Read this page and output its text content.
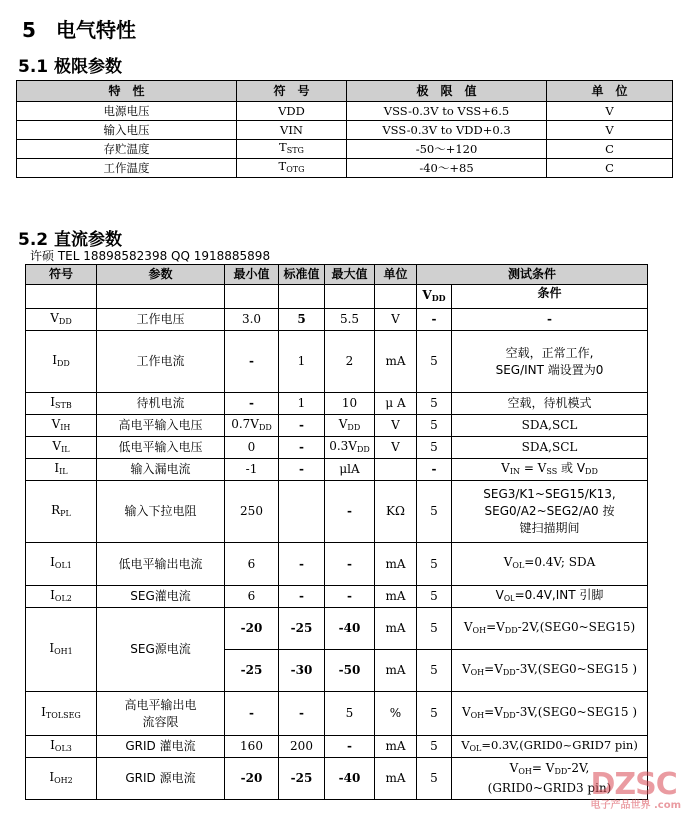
5 电气特性
5.1 极限参数
特　性	符　号	极　限　值	单　位
电源电压	VDD	VSS-0.3V to VSS+6.5	V
输入电压	VIN	VSS-0.3V to VDD+0.3	V
存贮温度	$T_{STG}$	-50～+120	C
工作温度	$T_{OTG}$	-40～+85	C
5.2 直流参数
许硕 TEL 18898582398 QQ 1918885898
符号	参数	最小值	标准值	最大值	单位	测试条件	
						$V_{DD}$	条件
$V_{DD}$	工作电压	3.0	5	5.5	V	-	-
$I_{DD}$	工作电流	-	1	2	mA	5	空载，正常工作,
SEG/INT 端设置为0

$I_{STB}$	待机电流	-	1	10	μ A	5	空载，待机模式
$V_{IH}$	高电平输入电压	$0.7V_{DD}$	-	$V_{DD}$	V	5	SDA,SCL
$V_{IL}$	低电平输入电压	0	-	$0.3V_{DD}$	V	5	SDA,SCL
$I_{IL}$	输入漏电流	-1	-	μlA		-	$V_{IN} = V_{SS}$ 或 $V_{DD}$
$R_{PL}$	输入下拉电阻	250		-	KΩ	5	SEG3/K1~SEG15/K13,
SEG0/A2~SEG2/A0 按
键扫描期间

$I_{OL1}$	低电平输出电流	6	-	-	mA	5	$V_{OL}=0.4V$; SDA
$I_{OL2}$	SEG灌电流	6	-	-	mA	5	$V_{OL}=0.4V,INT$ 引脚
$I_{OH1}$	SEG源电流	-20	-25	-40	mA	5	$V_{OH}=V_{DD}-2V,(SEG0\sim SEG15)$
		-25	-30	-50	mA	5	$V_{OH}=V_{DD}-3V,(SEG0\sim SEG15$ )
$I_{TOLSEG}$	高电平输出电
流容限	-	-	5	%	5	$V_{OH}=V_{DD}-3V,(SEG0\sim SEG15$ )
$I_{OL3}$	GRID 灌电流	160	200	-	mA	5	$V_{OL}=0.3V,(GRID0\sim GRID7$ pin)
$I_{OH2}$	GRID 源电流	-20	-25	-40	mA	5	$V_{OH}= V_{DD}-2V$,
(GRID0~GRID3 pin)
DZSC
电子产品世界 .com
